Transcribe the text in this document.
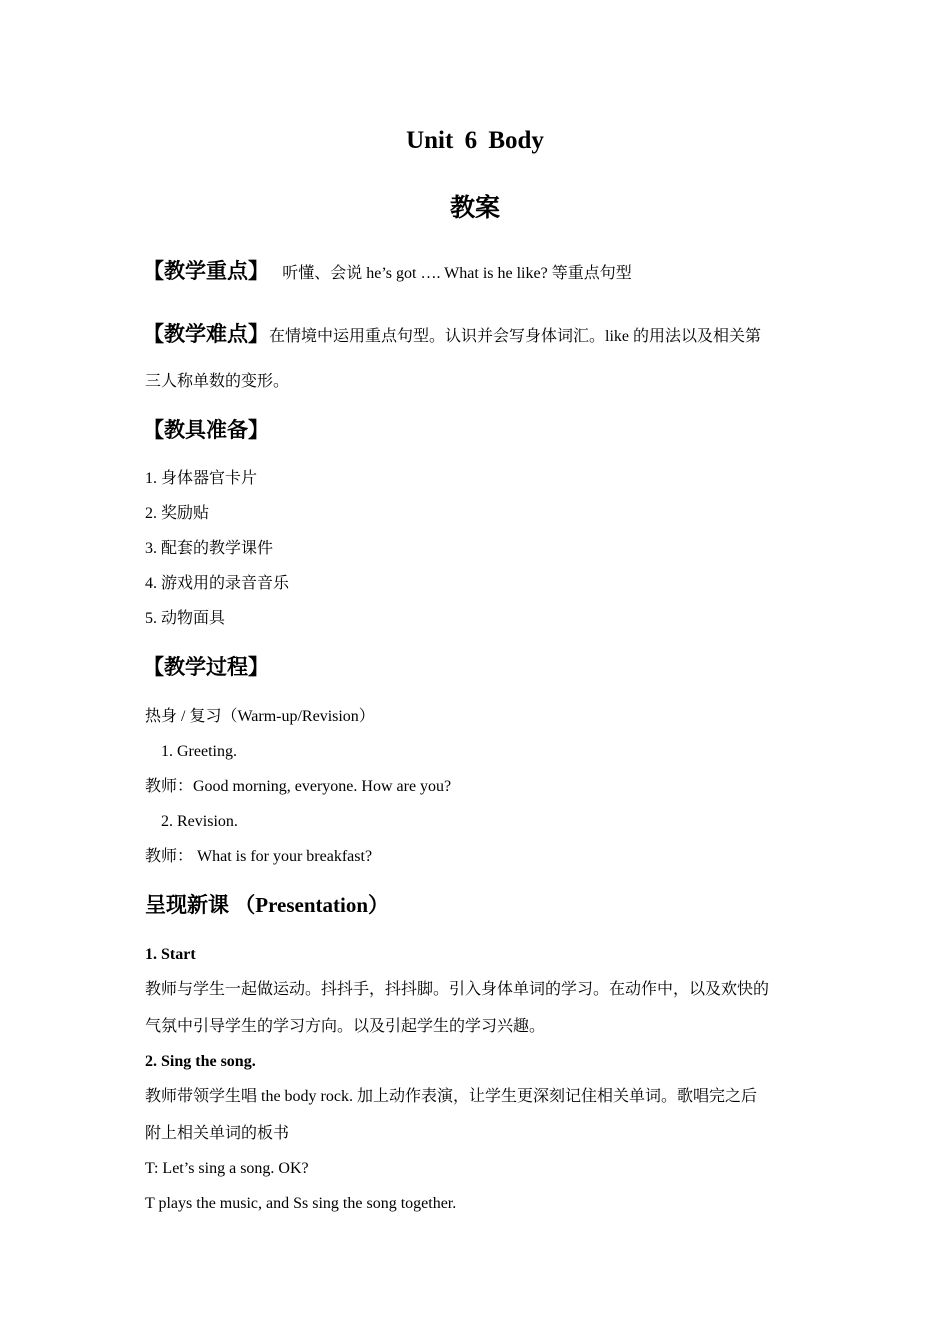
Unit 6 Body
教案
【教学重点】 听懂、会说 he’s got …. What is he like? 等重点句型
【教学难点】在情境中运用重点句型。认识并会写身体词汇。like 的用法以及相关第
三人称单数的变形。
【教具准备】
1. 身体器官卡片
2. 奖励贴
3. 配套的教学课件
4. 游戏用的录音音乐
5. 动物面具
【教学过程】
热身 / 复习（Warm-up/Revision）
1. Greeting.
教师：Good morning, everyone. How are you?
2. Revision.
教师： What is for your breakfast?
呈现新课 （Presentation）
1. Start
教师与学生一起做运动。抖抖手，抖抖脚。引入身体单词的学习。在动作中，以及欢快的
气氛中引导学生的学习方向。以及引起学生的学习兴趣。
2. Sing the song.
教师带领学生唱 the body rock. 加上动作表演，让学生更深刻记住相关单词。歌唱完之后
附上相关单词的板书
T: Let’s sing a song. OK?
T plays the music, and Ss sing the song together.
